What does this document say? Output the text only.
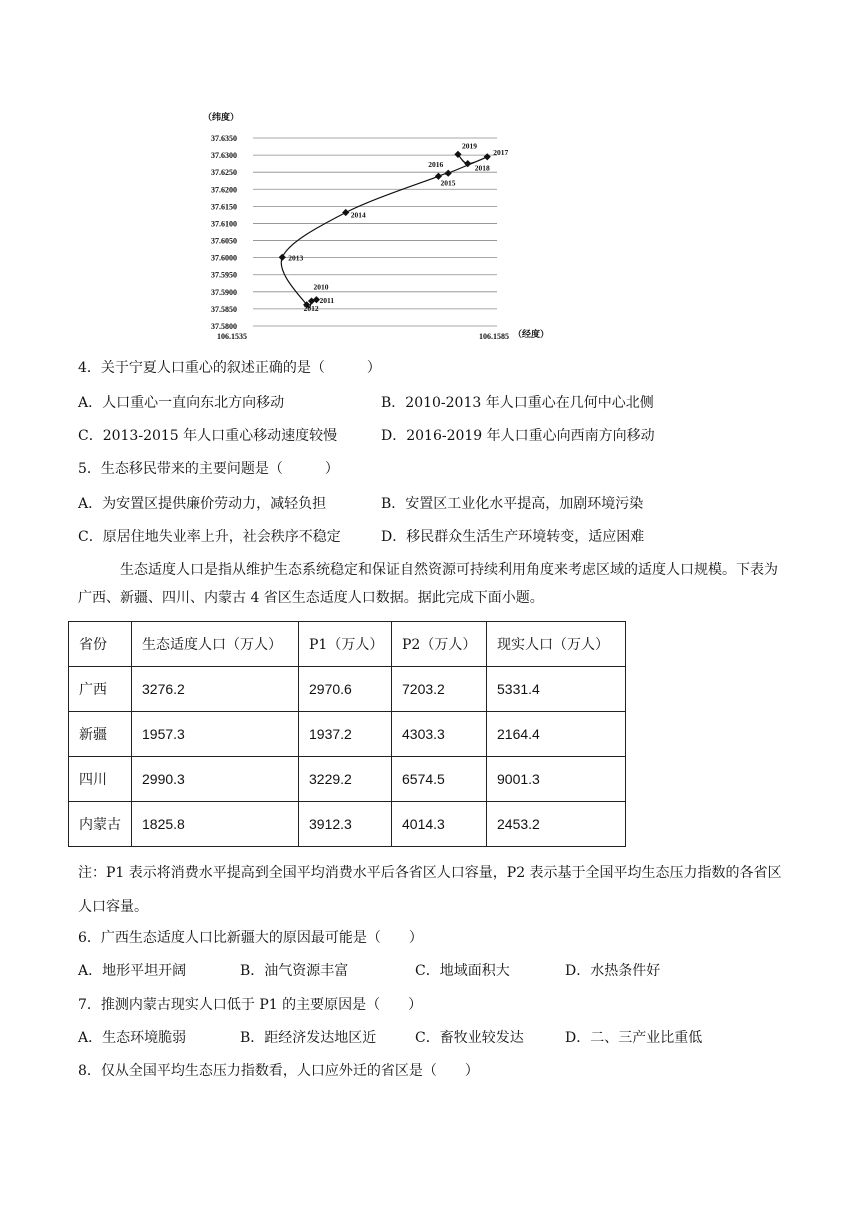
（纬度）
37.6350
37.6300
37.6250
37.6200
37.6150
37.6100
37.6050
37.6000
37.5950
37.5900
37.5850
37.5800
106.1535	106.1585 （经度）
2010
2011
2012
2013
2014
2015
2016
2017
2018
2019
4．关于宁夏人口重心的叙述正确的是（　　　）
A．人口重心一直向东北方向移动	B．2010-2013 年人口重心在几何中心北侧
C．2013-2015 年人口重心移动速度较慢	D．2016-2019 年人口重心向西南方向移动
5．生态移民带来的主要问题是（　　　）
A．为安置区提供廉价劳动力，减轻负担	B．安置区工业化水平提高，加剧环境污染
C．原居住地失业率上升，社会秩序不稳定	D．移民群众生活生产环境转变，适应困难
生态适度人口是指从维护生态系统稳定和保证自然资源可持续利用角度来考虑区域的适度人口规模。下表为广西、新疆、四川、内蒙古 4 省区生态适度人口数据。据此完成下面小题。
省份	生态适度人口（万人）	P1（万人）	P2（万人）	现实人口（万人）
广西	3276.2	2970.6	7203.2	5331.4
新疆	1957.3	1937.2	4303.3	2164.4
四川	2990.3	3229.2	6574.5	9001.3
内蒙古	1825.8	3912.3	4014.3	2453.2
注：P1 表示将消费水平提高到全国平均消费水平后各省区人口容量，P2 表示基于全国平均生态压力指数的各省区人口容量。
6．广西生态适度人口比新疆大的原因最可能是（　　）
A．地形平坦开阔	B．油气资源丰富	C．地域面积大	D．水热条件好
7．推测内蒙古现实人口低于 P1 的主要原因是（　　）
A．生态环境脆弱	B．距经济发达地区近	C．畜牧业较发达	D．二、三产业比重低
8．仅从全国平均生态压力指数看，人口应外迁的省区是（　　）
